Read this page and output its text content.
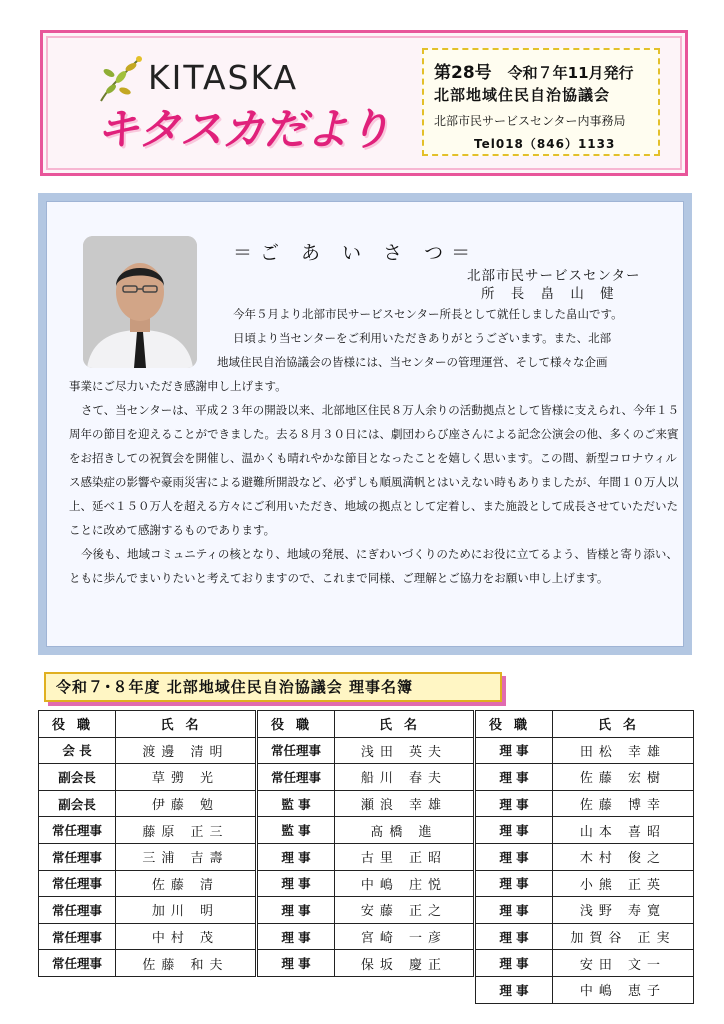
KITASKA
キタスカだより
第28号 令和７年11月発行
北部地域住民自治協議会
北部市民サービスセンター内事務局
Tel018（846）1133
＝ご あ い さ つ＝
北部市民サービスセンター
所 長 畠 山 健

今年５月より北部市民サービスセンター所長として就任しました畠山です。

日頃より当センターをご利用いただきありがとうございます。また、北部

地域住民自治協議会の皆様には、当センターの管理運営、そして様々な企画

事業にご尽力いただき感謝申し上げます。

さて、当センターは、平成２３年の開設以来、北部地区住民８万人余りの活動拠点として皆様に支えられ、今年１５周年の節目を迎えることができました。去る８月３０日には、劇団わらび座さんによる記念公演会の他、多くのご来賓をお招きしての祝賀会を開催し、温かくも晴れやかな節目となったことを嬉しく思います。この間、新型コロナウィルス感染症の影響や豪雨災害による避難所開設など、必ずしも順風満帆とはいえない時もありましたが、年間１０万人以上、延べ１５０万人を超える方々にご利用いただき、地域の拠点として定着し、また施設として成長させていただいたことに改めて感謝するものであります。

今後も、地域コミュニティの核となり、地域の発展、にぎわいづくりのためにお役に立てるよう、皆様と寄り添い、ともに歩んでまいりたいと考えておりますので、これまで同様、ご理解とご協力をお願い申し上げます。

令和７･８年度 北部地域住民自治協議会 理事名簿
役職	氏名
会 長	渡邊 清明
副会長	草彅 光
副会長	伊藤 勉
常任理事	藤原 正三
常任理事	三浦 吉壽
常任理事	佐藤 清
常任理事	加川 明
常任理事	中村 茂
常任理事	佐藤 和夫
役職	氏名
常任理事	浅田 英夫
常任理事	船川 春夫
監 事	瀬浪 幸雄
監 事	髙橋 進
理 事	古里 正昭
理 事	中嶋 庄悦
理 事	安藤 正之
理 事	宮崎 一彦
理 事	保坂 慶正
役職	氏名
理 事	田松 幸雄
理 事	佐藤 宏樹
理 事	佐藤 博幸
理 事	山本 喜昭
理 事	木村 俊之
理 事	小熊 正英
理 事	浅野 寿寛
理 事	加賀谷 正実
理 事	安田 文一
理 事	中嶋 恵子
